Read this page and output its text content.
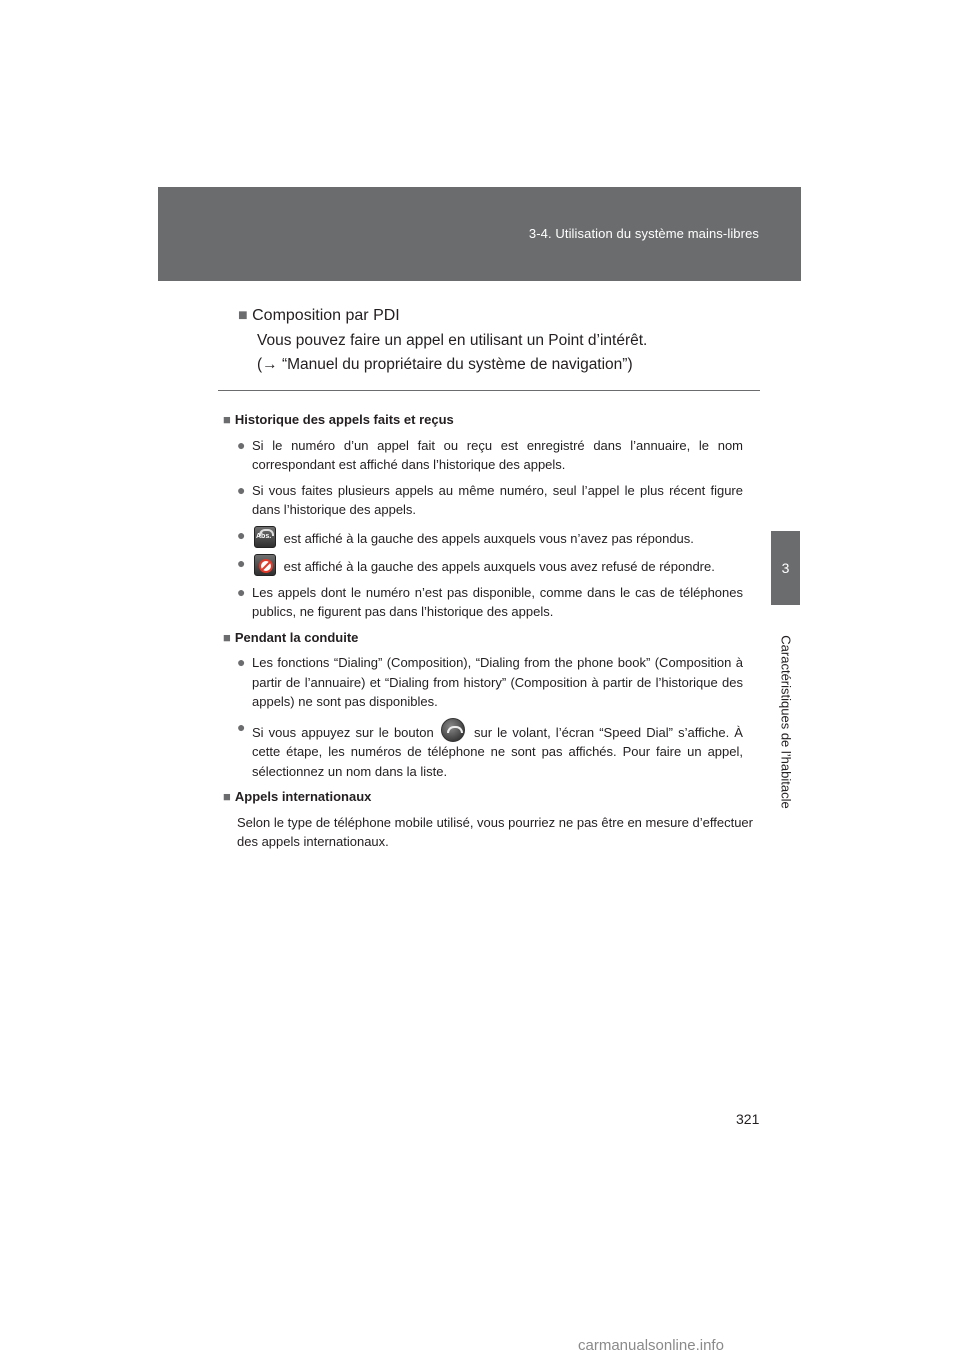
3-4. Utilisation du système mains-libres
3
Caractéristiques de l’habitacle
■ Composition par PDI
Vous pouvez faire un appel en utilisant un Point d’intérêt.
(→ “Manuel du propriétaire du système de navigation”)
■ Historique des appels faits et reçus
● Si le numéro d’un appel fait ou reçu est enregistré dans l’annuaire, le nom correspondant est affiché dans l’historique des appels.
● Si vous faites plusieurs appels au même numéro, seul l’appel le plus récent figure dans l’historique des appels.
● Abs. est affiché à la gauche des appels auxquels vous n’avez pas répondus.
●	est affiché à la gauche des appels auxquels vous avez refusé de répondre.
● Les appels dont le numéro n’est pas disponible, comme dans le cas de téléphones publics, ne figurent pas dans l’historique des appels.
■ Pendant la conduite
● Les fonctions “Dialing” (Composition), “Dialing from the phone book” (Composition à partir de l’annuaire) et “Dialing from history” (Composition à partir de l’historique des appels) ne sont pas disponibles.
● Si vous appuyez sur le bouton	sur le volant, l’écran “Speed Dial” s’affiche. À cette étape, les numéros de téléphone ne sont pas affichés. Pour faire un appel, sélectionnez un nom dans la liste.
■ Appels internationaux
Selon le type de téléphone mobile utilisé, vous pourriez ne pas être en mesure d’effectuer des appels internationaux.
321
carmanualsonline.info
